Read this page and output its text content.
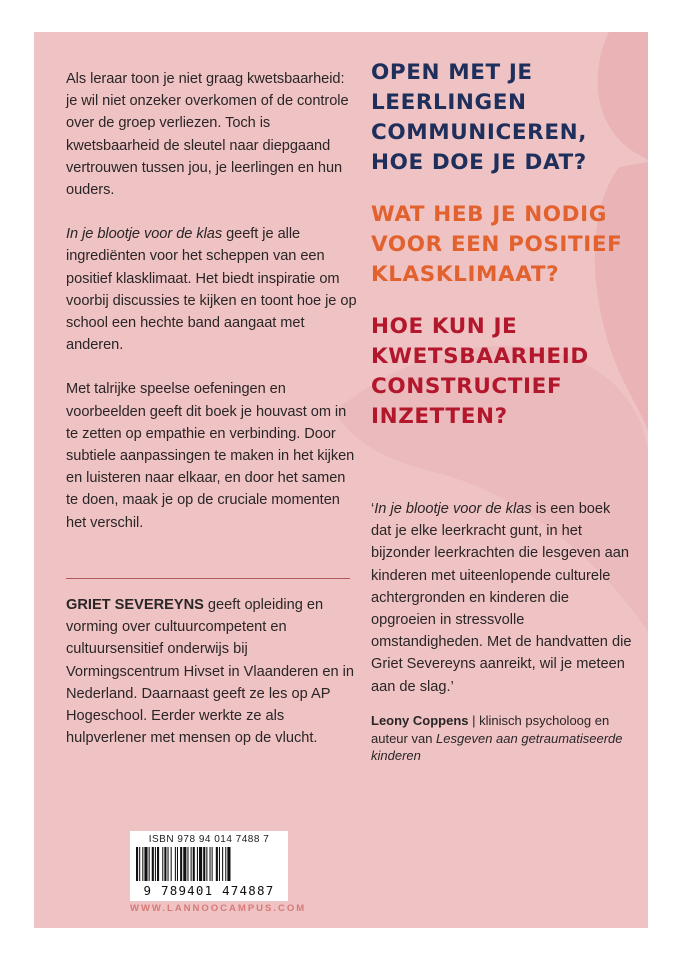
Als leraar toon je niet graag kwetsbaarheid: je wil niet onzeker overkomen of de controle over de groep verliezen. Toch is kwetsbaarheid de sleutel naar diepgaand vertrouwen tussen jou, je leerlingen en hun ouders.

In je blootje voor de klas geeft je alle ingrediënten voor het scheppen van een positief klasklimaat. Het biedt inspiratie om voorbij discussies te kijken en toont hoe je op school een hechte band aangaat met anderen.

Met talrijke speelse oefeningen en voorbeelden geeft dit boek je houvast om in te zetten op empathie en verbinding. Door subtiele aanpassingen te maken in het kijken en luisteren naar elkaar, en door het samen te doen, maak je op de cruciale momenten het verschil.

GRIET SEVEREYNS geeft opleiding en vorming over cultuurcompetent en cultuursensitief onderwijs bij Vormingscentrum Hivset in Vlaanderen en in Nederland. Daarnaast geeft ze les op AP Hogeschool. Eerder werkte ze als hulpverlener met mensen op de vlucht.
OPEN MET JE LEERLINGEN COMMUNICEREN, HOE DOE JE DAT?
WAT HEB JE NODIG VOOR EEN POSITIEF KLASKLIMAAT?
HOE KUN JE KWETSBAARHEID CONSTRUCTIEF INZETTEN?
‘In je blootje voor de klas is een boek dat je elke leerkracht gunt, in het bijzonder leerkrachten die lesgeven aan kinderen met uiteenlopende culturele achtergronden en kinderen die opgroeien in stressvolle omstandigheden. Met de handvatten die Griet Severeyns aanreikt, wil je meteen aan de slag.’
Leony Coppens | klinisch psycholoog en auteur van Lesgeven aan getraumatiseerde kinderen
ISBN 978 94 014 7488 7
9 789401 474887
WWW.LANNOOCAMPUS.COM
